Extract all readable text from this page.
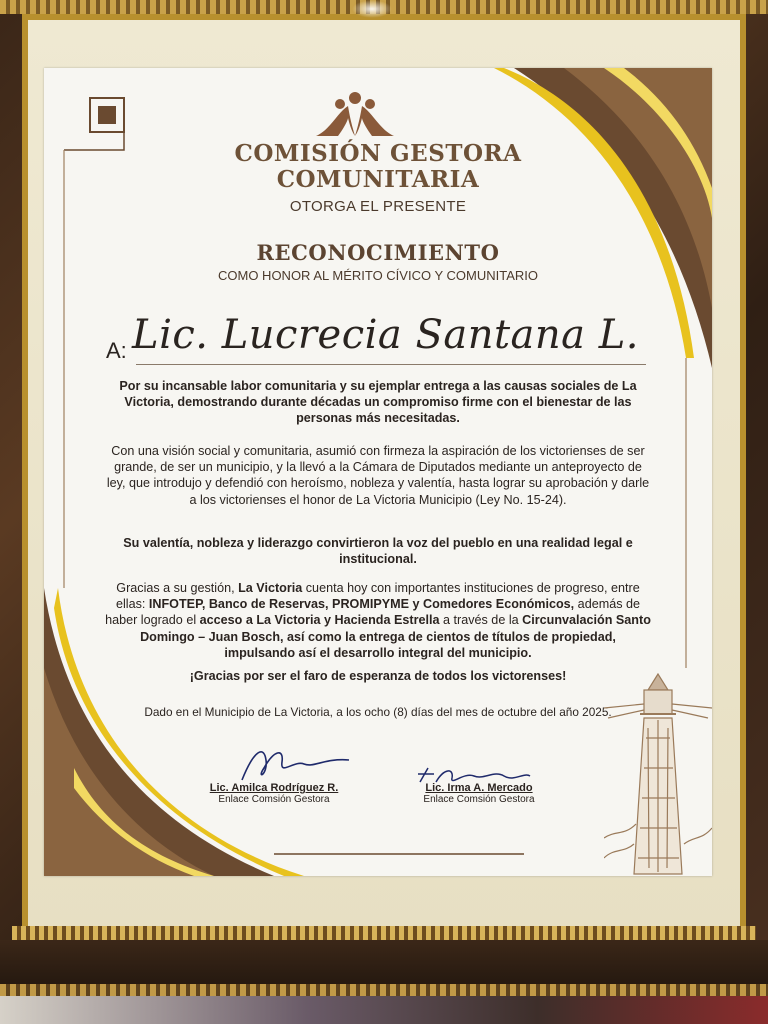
COMISIÓN GESTORA
COMUNITARIA
OTORGA EL PRESENTE
RECONOCIMIENTO
COMO HONOR AL MÉRITO CÍVICO Y COMUNITARIO
A: Lic. Lucrecia Santana L.

Por su incansable labor comunitaria y su ejemplar entrega a las causas sociales de La Victoria, demostrando durante décadas un compromiso firme con el bienestar de las personas más necesitadas.

Con una visión social y comunitaria, asumió con firmeza la aspiración de los victorienses de ser grande, de ser un municipio, y la llevó a la Cámara de Diputados mediante un anteproyecto de ley, que introdujo y defendió con heroísmo, nobleza y valentía, hasta lograr su aprobación y darle a los victorienses el honor de La Victoria Municipio (Ley No. 15-24).

Su valentía, nobleza y liderazgo convirtieron la voz del pueblo en una realidad legal e institucional.

Gracias a su gestión, La Victoria cuenta hoy con importantes instituciones de progreso, entre ellas: INFOTEP, Banco de Reservas, PROMIPYME y Comedores Económicos, además de haber logrado el acceso a La Victoria y Hacienda Estrella a través de la Circunvalación Santo Domingo – Juan Bosch, así como la entrega de cientos de títulos de propiedad, impulsando así el desarrollo integral del municipio.

¡Gracias por ser el faro de esperanza de todos los victorenses!

Dado en el Municipio de La Victoria, a los ocho (8) días del mes de octubre del año 2025.

Lic. Amilca Rodríguez R.
Enlace Comsión Gestora
Lic. Irma A. Mercado
Enlace Comsión Gestora
